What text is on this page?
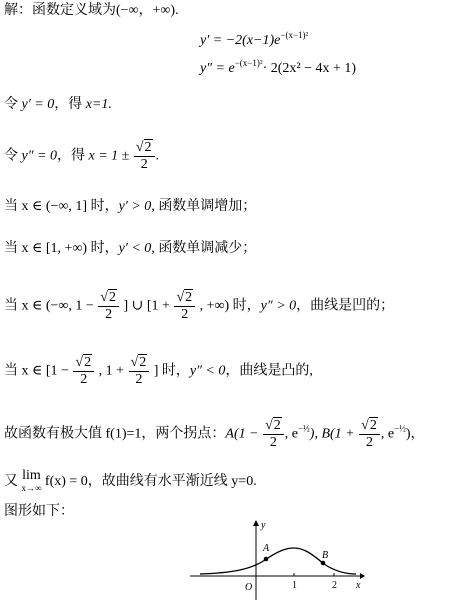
解：函数定义域为(−∞，+∞).
$y' = -2(x-1)e^{-(x-1)^2}$
$y'' = e^{-(x-1)^2}\cdot 2(2x^2 - 4x + 1)$
令 y′ = 0，得 x=1.
令 y″ = 0，得 $x = 1 \pm \frac{√2}{2}$ .
当 x ∈ (−∞, 1] 时，y′ > 0, 函数单调增加；
当 x ∈ [1, +∞) 时，y′ < 0, 函数单调减少；
当 x ∈ (−∞, $1 - \frac{√2}{2}$ ] ∪ [$1 + \frac{√2}{2}$ , +∞) 时，y″ > 0，曲线是凹的；
当 x ∈ [$1 - \frac{√2}{2}$ , $1 + \frac{√2}{2}$ ] 时，y″ < 0，曲线是凸的,
故函数有极大值 f(1)=1，两个拐点：$A(1 - \frac{√2}{2}$ , $e^{-\frac{1}{2}}$), $B(1 + \frac{√2}{2}$ , $e^{-\frac{1}{2}}$)，
又 lim
x→∞ f(x) = 0，故曲线有水平渐近线 y=0.
图形如下：
y
x
O	1	2
A
B
